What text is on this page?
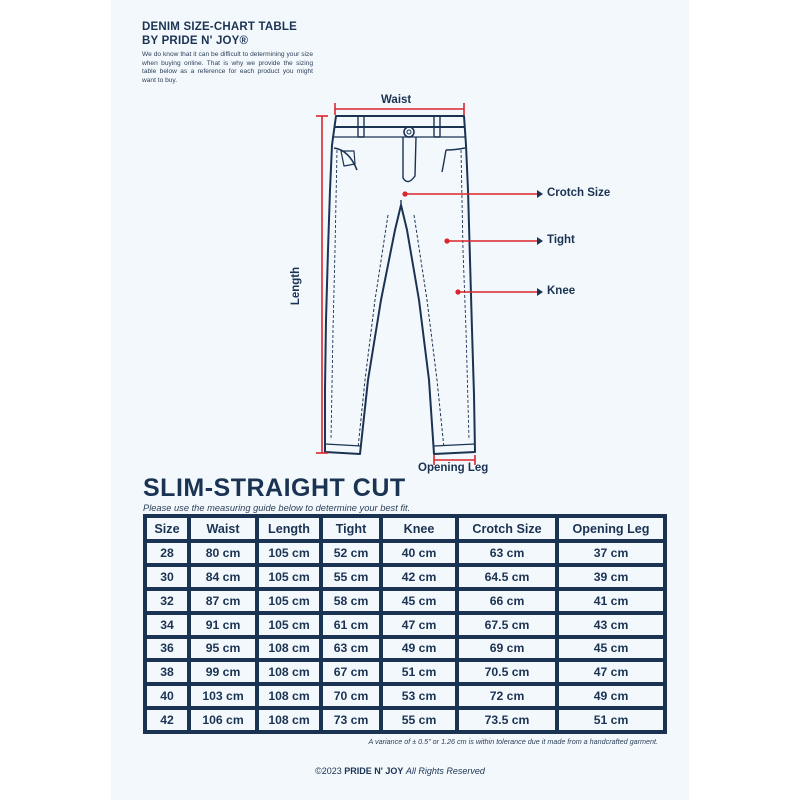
DENIM SIZE-CHART TABLE
BY PRIDE N' JOY®
We do know that it can be difficult to determining your size when buying online. That is why we provide the sizing table below as a reference for each product you might want to buy.
Waist
Length
Crotch Size
Tight
Knee
Opening Leg
SLIM-STRAIGHT CUT
Please use the measuring guide below to determine your best fit.
Size	Waist	Length	Tight	Knee	Crotch Size	Opening Leg
28	80 cm	105 cm	52 cm	40 cm	63 cm	37 cm
30	84 cm	105 cm	55 cm	42 cm	64.5 cm	39 cm
32	87 cm	105 cm	58 cm	45 cm	66 cm	41 cm
34	91 cm	105 cm	61 cm	47 cm	67.5 cm	43 cm
36	95 cm	108 cm	63 cm	49 cm	69 cm	45 cm
38	99 cm	108 cm	67 cm	51 cm	70.5 cm	47 cm
40	103 cm	108 cm	70 cm	53 cm	72 cm	49 cm
42	106 cm	108 cm	73 cm	55 cm	73.5 cm	51 cm
A variance of ± 0.5" or 1.26 cm is within tolerance due it made from a handcrafted garment.
©2023 PRIDE N' JOY All Rights Reserved
